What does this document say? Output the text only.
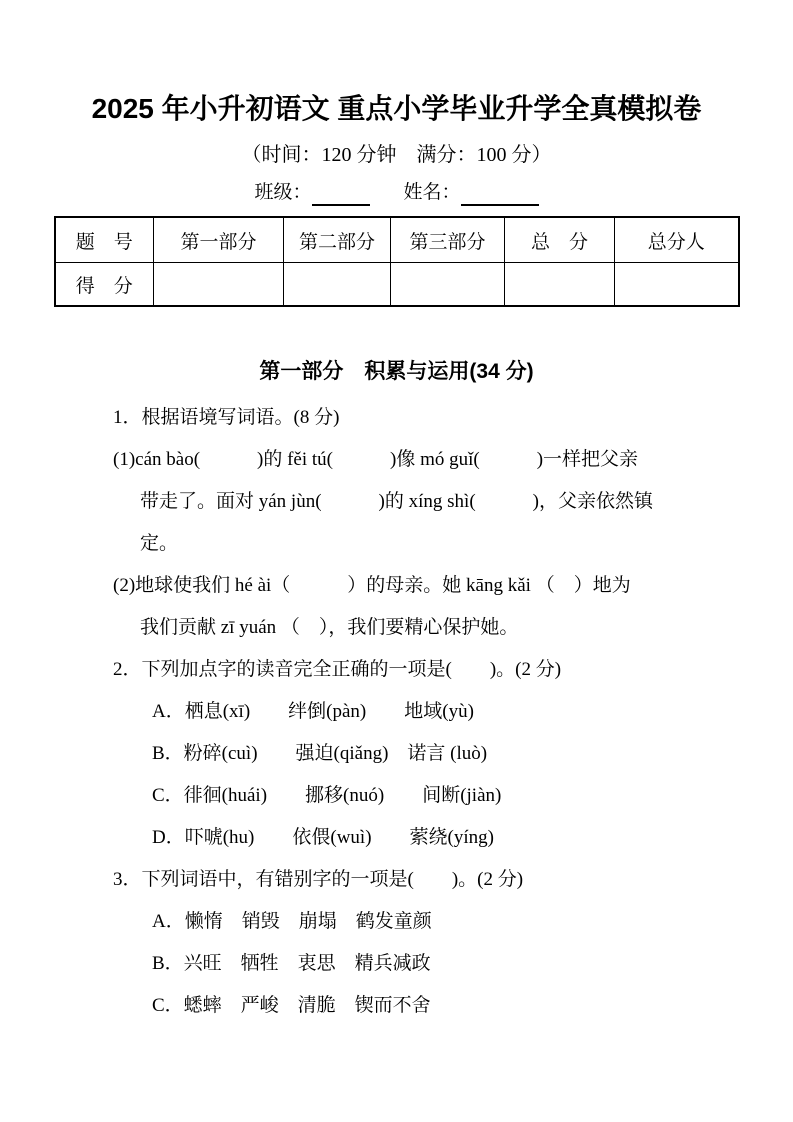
2025 年小升初语文 重点小学毕业升学全真模拟卷
（时间：120 分钟　满分：100 分）
班级：	姓名：
题　号	第一部分	第二部分	第三部分	总　分	总分人
得　分					
第一部分　积累与运用(34 分)
1．根据语境写词语。(8 分)
(1)cán bào(　　　)的 fěi tú(　　　)像 mó guǐ(　　　)一样把父亲
带走了。面对 yán jùn(　　　)的 xíng shì(　　　)，父亲依然镇
定。
(2)地球使我们 hé ài（　　　）的母亲。她 kāng kǎi （　）地为
我们贡献 zī yuán （　），我们要精心保护她。
2．下列加点字的读音完全正确的一项是(　　)。(2 分)
A．栖息(xī)　　绊倒(pàn)　　地域(yù)
B．粉碎(cuì)　　强迫(qiǎng)　诺言 (luò)
C．徘徊(huái)　　挪移(nuó)　　间断(jiàn)
D．吓唬(hu)　　依偎(wuì)　　萦绕(yíng)
3．下列词语中，有错别字的一项是(　　)。(2 分)
A．懒惰　销毁　崩塌　鹤发童颜
B．兴旺　牺牲　衷思　精兵减政
C．蟋蟀　严峻　清脆　锲而不舍
